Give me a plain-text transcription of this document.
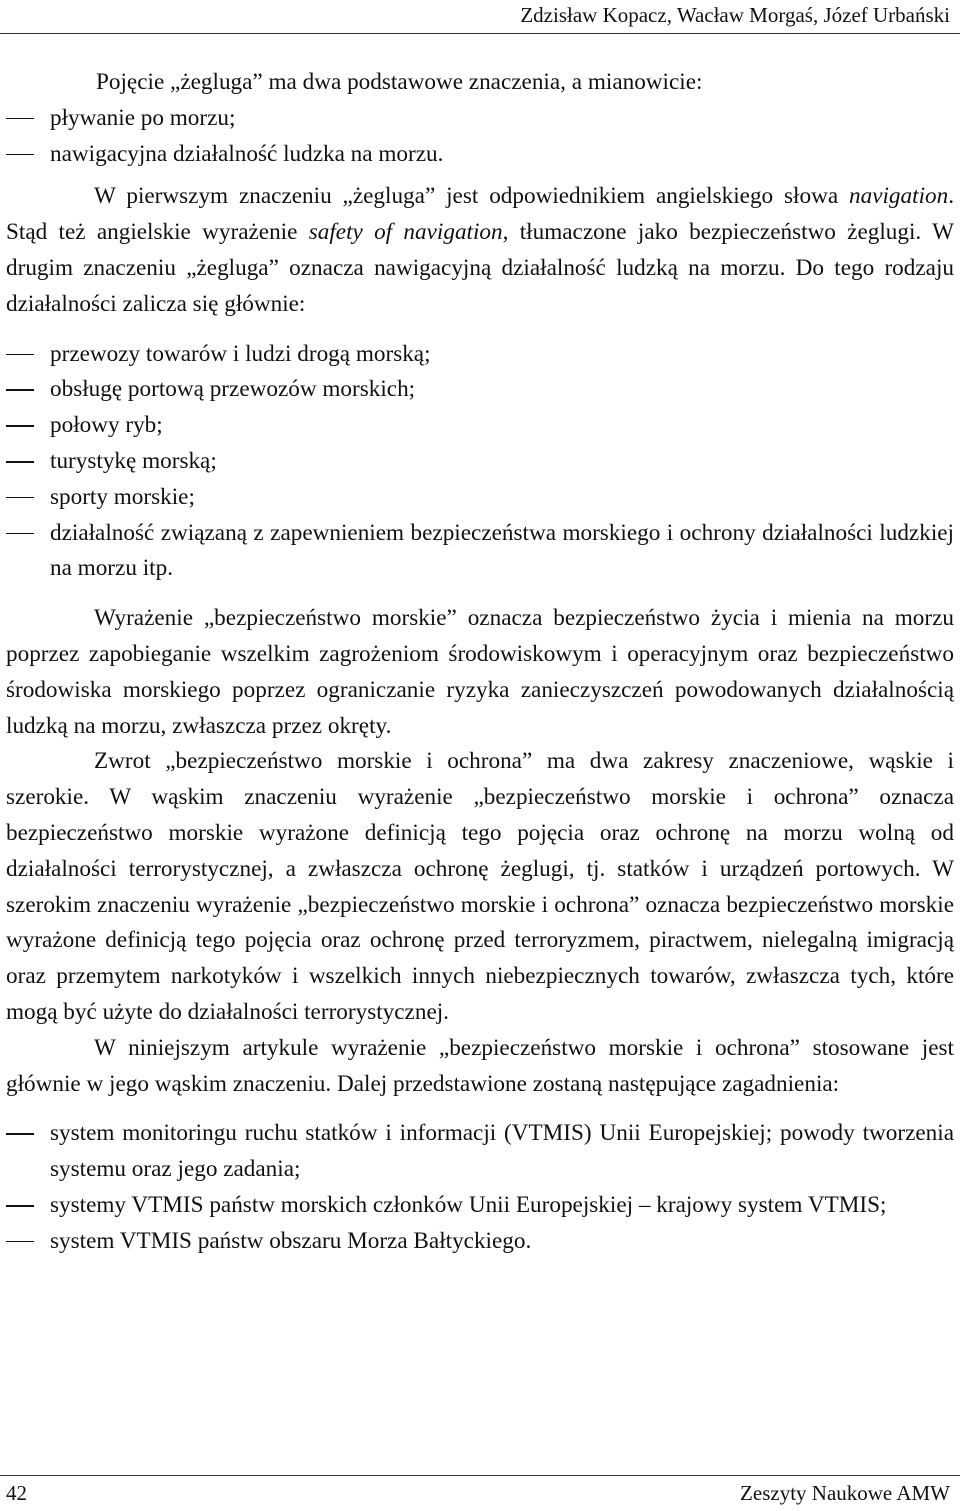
Zdzisław Kopacz, Wacław Morgaś, Józef Urbański

Pojęcie „żegluga” ma dwa podstawowe znaczenia, a mianowicie:

pływanie po morzu;
nawigacyjna działalność ludzka na morzu.

W pierwszym znaczeniu „żegluga” jest odpowiednikiem angielskiego słowa navigation. Stąd też angielskie wyrażenie safety of navigation, tłumaczone jako bezpieczeństwo żeglugi. W drugim znaczeniu „żegluga” oznacza nawigacyjną działalność ludzką na morzu. Do tego rodzaju działalności zalicza się głównie:

przewozy towarów i ludzi drogą morską;
obsługę portową przewozów morskich;
połowy ryb;
turystykę morską;
sporty morskie;
działalność związaną z zapewnieniem bezpieczeństwa morskiego i ochrony działalności ludzkiej na morzu itp.

Wyrażenie „bezpieczeństwo morskie” oznacza bezpieczeństwo życia i mienia na morzu poprzez zapobieganie wszelkim zagrożeniom środowiskowym i operacyjnym oraz bezpieczeństwo środowiska morskiego poprzez ograniczanie ryzyka zanieczyszczeń powodowanych działalnością ludzką na morzu, zwłaszcza przez okręty.

Zwrot „bezpieczeństwo morskie i ochrona” ma dwa zakresy znaczeniowe, wąskie i szerokie. W wąskim znaczeniu wyrażenie „bezpieczeństwo morskie i ochrona” oznacza bezpieczeństwo morskie wyrażone definicją tego pojęcia oraz ochronę na morzu wolną od działalności terrorystycznej, a zwłaszcza ochronę żeglugi, tj. statków i urządzeń portowych. W szerokim znaczeniu wyrażenie „bezpieczeństwo morskie i ochrona” oznacza bezpieczeństwo morskie wyrażone definicją tego pojęcia oraz ochronę przed terroryzmem, piractwem, nielegalną imigracją oraz przemytem narkotyków i wszelkich innych niebezpiecznych towarów, zwłaszcza tych, które mogą być użyte do działalności terrorystycznej.

W niniejszym artykule wyrażenie „bezpieczeństwo morskie i ochrona” stosowane jest głównie w jego wąskim znaczeniu. Dalej przedstawione zostaną następujące zagadnienia:

system monitoringu ruchu statków i informacji (VTMIS) Unii Europejskiej; powody tworzenia systemu oraz jego zadania;
systemy VTMIS państw morskich członków Unii Europejskiej – krajowy system VTMIS;
system VTMIS państw obszaru Morza Bałtyckiego.
42	Zeszyty Naukowe AMW
